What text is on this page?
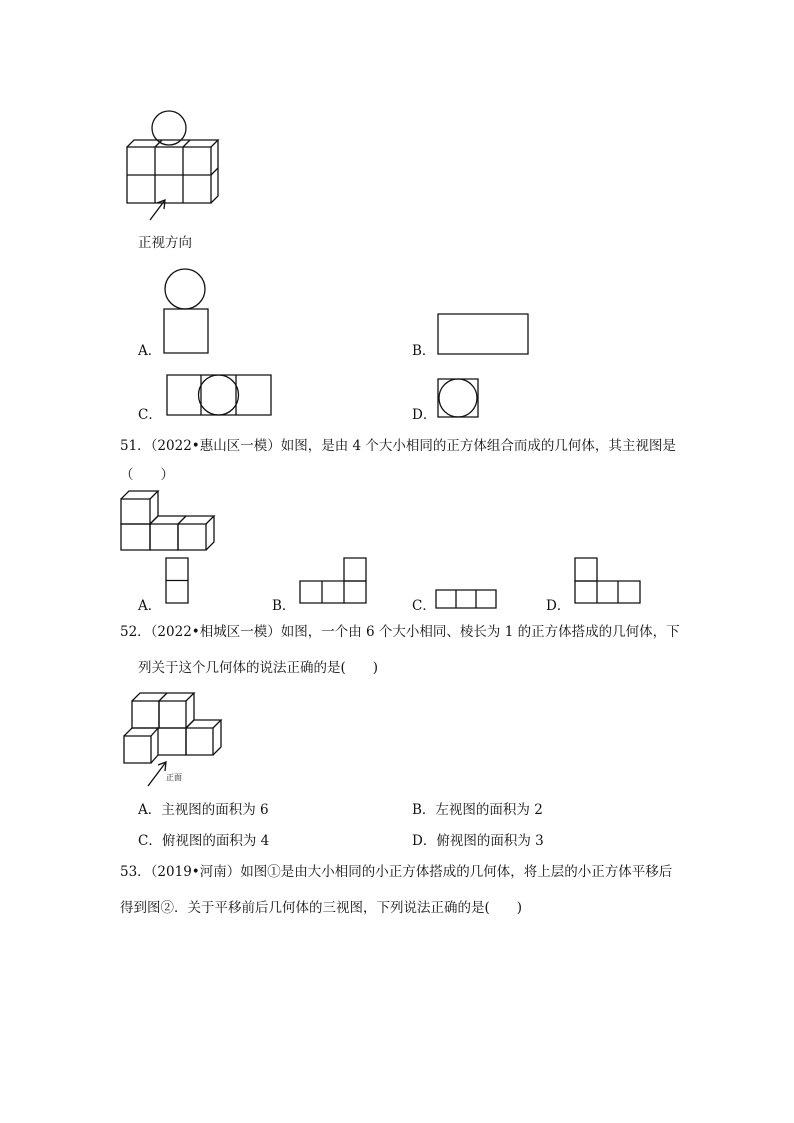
正视方向
A．	B．
C．	D．
51．（2022•惠山区一模）如图，是由 4 个大小相同的正方体组合而成的几何体，其主视图是
（　　）
A．	B．	C．	D．
52．（2022•相城区一模）如图，一个由 6 个大小相同、棱长为 1 的正方体搭成的几何体，下
列关于这个几何体的说法正确的是(　　)
正面
A．主视图的面积为 6	B．左视图的面积为 2
C．俯视图的面积为 4	D．俯视图的面积为 3
53．（2019•河南）如图①是由大小相同的小正方体搭成的几何体，将上层的小正方体平移后
得到图②．关于平移前后几何体的三视图，下列说法正确的是(　　)
